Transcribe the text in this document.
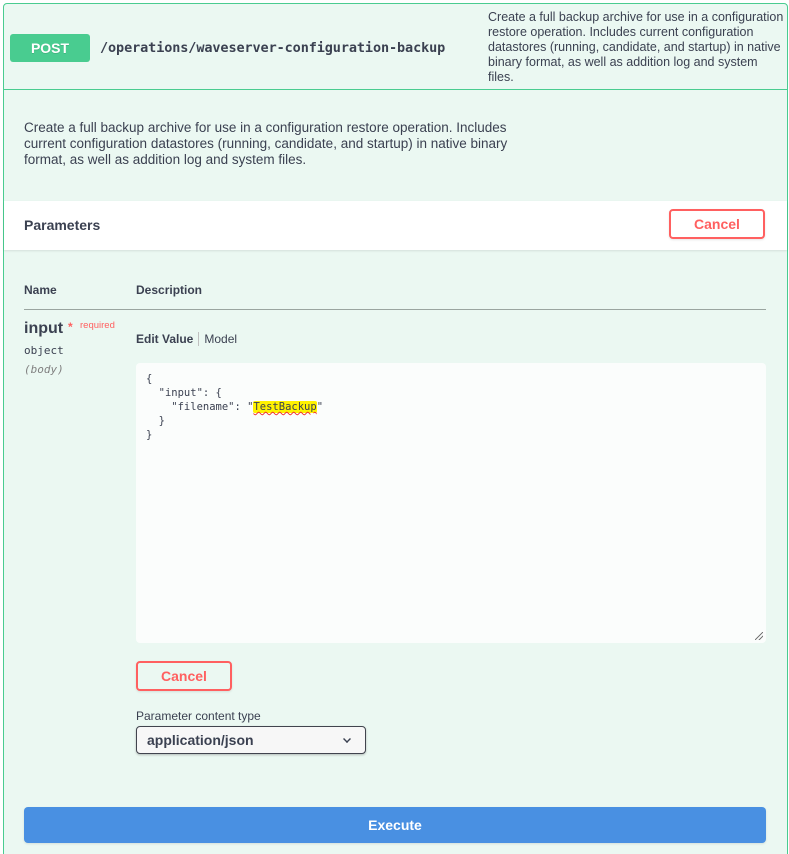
POST	/operations/waveserver-configuration-backup
Create a full backup archive for use in a configuration restore operation. Includes current configuration datastores (running, candidate, and startup) in native binary format, as well as addition log and system files.
Create a full backup archive for use in a configuration restore operation. Includes current configuration datastores (running, candidate, and startup) in native binary format, as well as addition log and system files.
Parameters	Cancel
Name	Description
input * required
object
(body)
Edit Value Model
{
"input": {
"filename": "TestBackup"
}
}
Cancel
Parameter content type
application/json
Execute
